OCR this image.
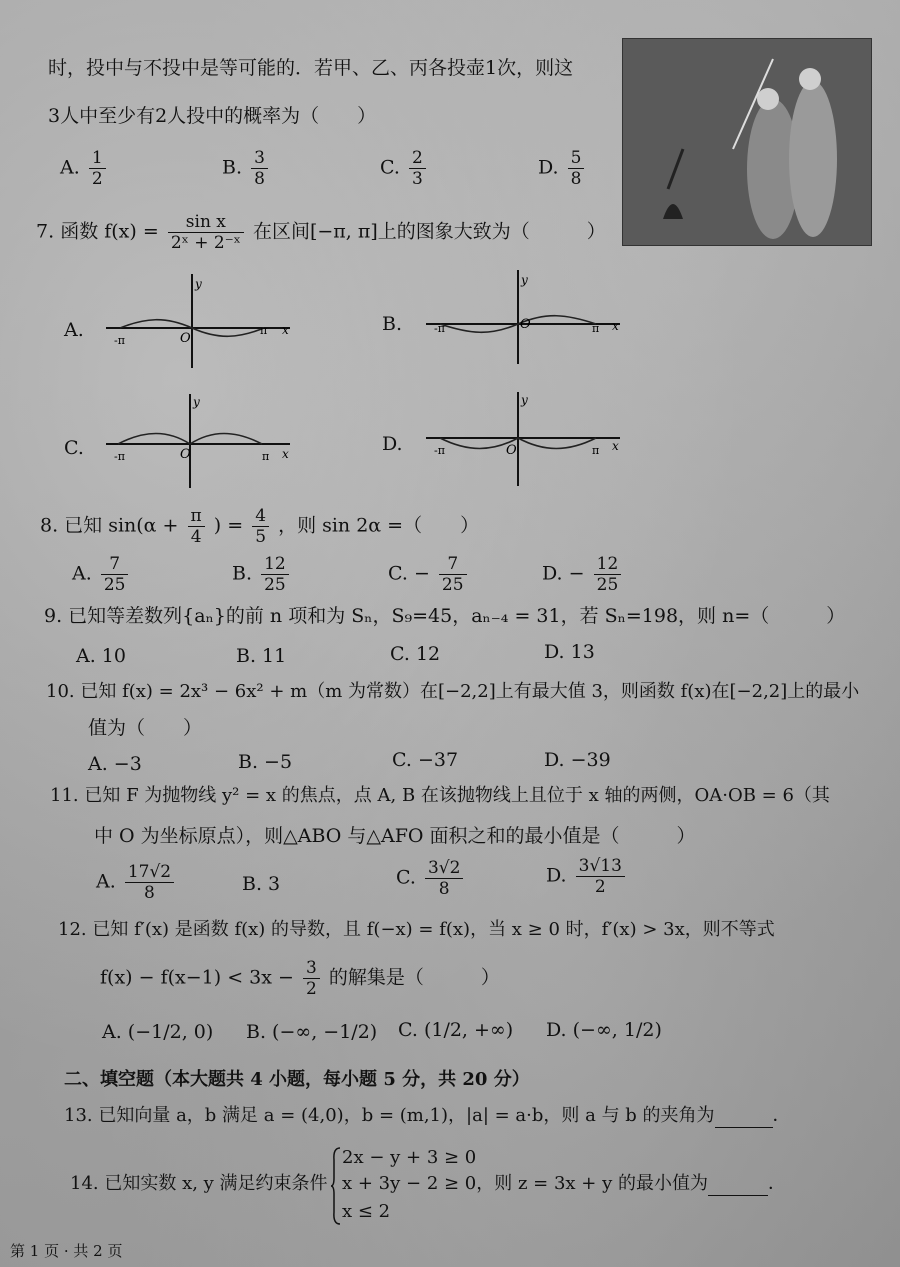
时，投中与不投中是等可能的．若甲、乙、丙各投壶1次，则这
3人中至少有2人投中的概率为（　　）
A. $\frac{1}{2}$	B. $\frac{3}{8}$	C. $\frac{2}{3}$	D. $\frac{5}{8}$
7. 函数 $f(x) = \frac{\text{sin x}}{\text{2ˣ + 2⁻ˣ}}$ 在区间[−π, π]上的图象大致为（　　　）
A.
y
x
O
-π
π	B.
y
x
O
-π	π
C.
y
x
O
-π	π
D.
y
x
O
-π	π
8. 已知 $\sin(\alpha + \frac{\pi}{4}$ ) = $\frac{4}{5}$ ，则 sin 2α =（　　）
A. $\frac{7}{25}$	B. $\frac{12}{25}$	C. − $\frac{7}{25}$	D. − $\frac{12}{25}$
9. 已知等差数列{aₙ}的前 n 项和为 Sₙ，S₉=45，aₙ₋₄ = 31，若 Sₙ=198，则 n=（　　　）
A. 10	B. 11	C. 12	D. 13
10. 已知 f(x) = 2x³ − 6x² + m（m 为常数）在[−2,2]上有最大值 3，则函数 f(x)在[−2,2]上的最小
值为（　　）
A. −3	B. −5	C. −37	D. −39
11. 已知 F 为抛物线 y² = x 的焦点，点 A, B 在该抛物线上且位于 x 轴的两侧，OA·OB = 6（其
中 O 为坐标原点），则△ABO 与△AFO 面积之和的最小值是（　　　）
A. $\frac{17√2}{8}$	B. 3	C. $\frac{3√2}{8}$	D. $\frac{3√13}{2}$
12. 已知 f′(x) 是函数 f(x) 的导数，且 f(−x) = f(x)，当 x ≥ 0 时，f′(x) > 3x，则不等式
$f(x) - f(x-1) < 3x - \frac{3}{2}$ 的解集是（　　　）
A. (−1/2, 0) B. (−∞, −1/2) C. (1/2, +∞) D. (−∞, 1/2)
二、填空题（本大题共 4 小题，每小题 5 分，共 20 分）
13. 已知向量 a，b 满足 a = (4,0)，b = (m,1)，|a| = a·b，则 a 与 b 的夹角为	．
14. 已知实数 x, y 满足约束条件
2x − y + 3 ≥ 0
x + 3y − 2 ≥ 0，则 z = 3x + y 的最小值为	．
x ≤ 2
第 1 页 · 共 2 页
